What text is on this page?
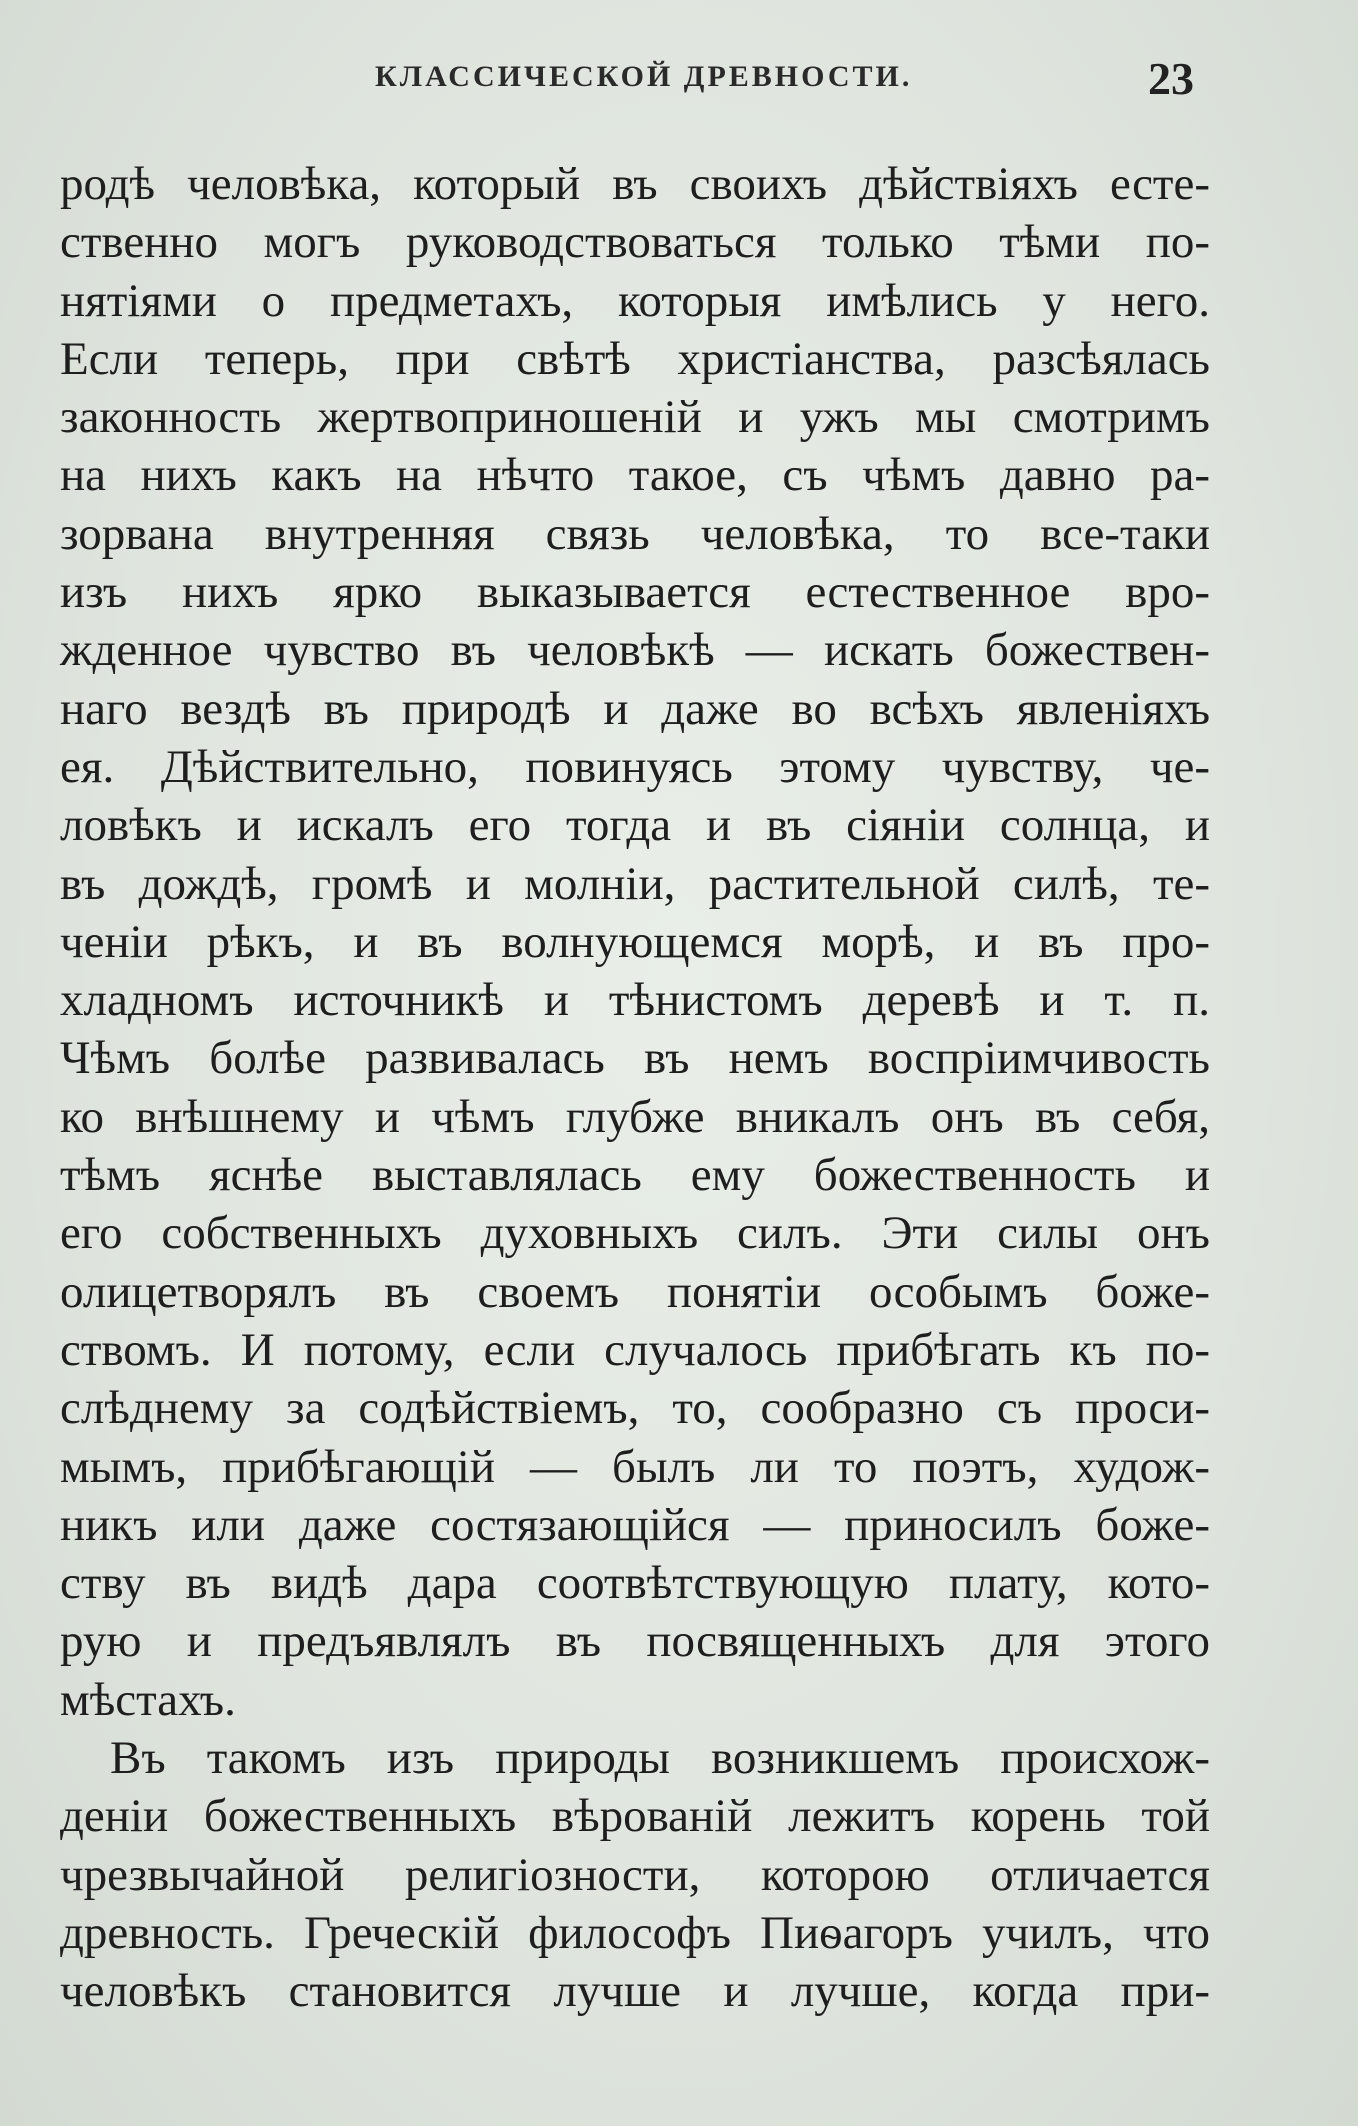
КЛАССИЧЕСКОЙ ДРЕВНОСТИ.	23
родѣ человѣка, который въ своихъ дѣйствіяхъ есте-
ственно могъ руководствоваться только тѣми по-
нятіями о предметахъ, которыя имѣлись у него.
Если теперь, при свѣтѣ христіанства, разсѣялась
законность жертвоприношеній и ужъ мы смотримъ
на нихъ какъ на нѣчто такое, съ чѣмъ давно ра-
зорвана внутренняя связь человѣка, то все-таки
изъ нихъ ярко выказывается естественное вро-
жденное чувство въ человѣкѣ — искать божествен-
наго вездѣ въ природѣ и даже во всѣхъ явленіяхъ
ея. Дѣйствительно, повинуясь этому чувству, че-
ловѣкъ и искалъ его тогда и въ сіяніи солнца, и
въ дождѣ, громѣ и молніи, растительной силѣ, те-
ченіи рѣкъ, и въ волнующемся морѣ, и въ про-
хладномъ источникѣ и тѣнистомъ деревѣ и т. п.
Чѣмъ болѣе развивалась въ немъ воспріимчивость
ко внѣшнему и чѣмъ глубже вникалъ онъ въ себя,
тѣмъ яснѣе выставлялась ему божественность и
его собственныхъ духовныхъ силъ. Эти силы онъ
олицетворялъ въ своемъ понятіи особымъ боже-
ствомъ. И потому, если случалось прибѣгать къ по-
слѣднему за содѣйствіемъ, то, сообразно съ проси-
мымъ, прибѣгающій — былъ ли то поэтъ, худож-
никъ или даже состязающійся — приносилъ боже-
ству въ видѣ дара соотвѣтствующую плату, кото-
рую и предъявлялъ въ посвященныхъ для этого
мѣстахъ.
Въ такомъ изъ природы возникшемъ происхож-
деніи божественныхъ вѣрованій лежитъ корень той
чрезвычайной религіозности, которою отличается
древность. Греческій философъ Пиѳагоръ училъ, что
человѣкъ становится лучше и лучше, когда при-
